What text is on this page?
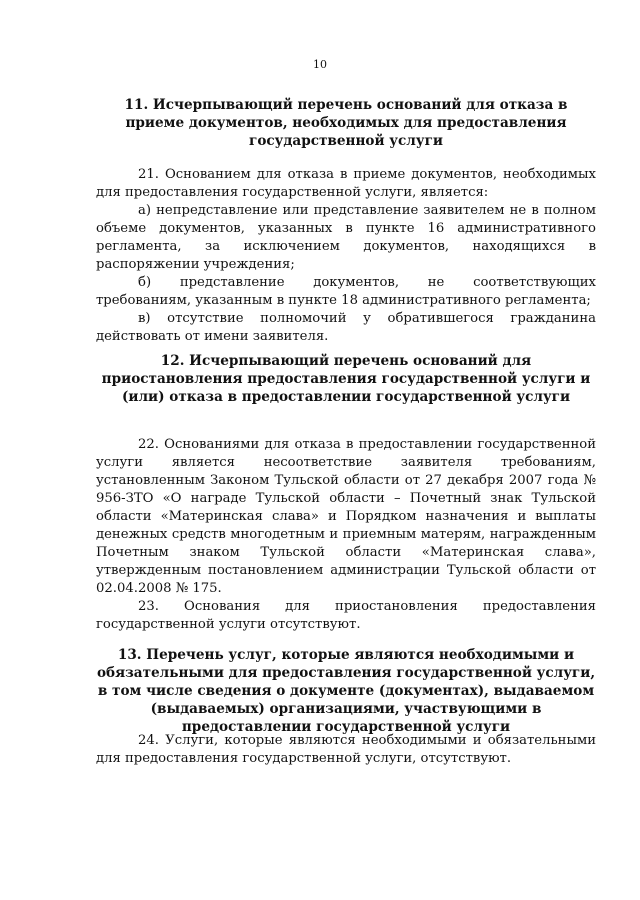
10
11. Исчерпывающий перечень оснований для отказа в приеме документов, необходимых для предоставления государственной услуги

21. Основанием для отказа в приеме документов, необходимых для предоставления государственной услуги, является:

а) непредставление или представление заявителем не в полном объеме документов, указанных в пункте 16 административного регламента, за исключением документов, находящихся в распоряжении учреждения;

б) представление документов, не соответствующих требованиям, указанным в пункте 18 административного регламента;

в) отсутствие полномочий у обратившегося гражданина действовать от имени заявителя.

12. Исчерпывающий перечень оснований для приостановления предоставления государственной услуги и (или) отказа в предоставлении государственной услуги

22. Основаниями для отказа в предоставлении государственной услуги является несоответствие заявителя требованиям, установленным Законом Тульской области от 27 декабря 2007 года № 956-ЗТО «О награде Тульской области – Почетный знак Тульской области «Материнская слава» и Порядком назначения и выплаты денежных средств многодетным и приемным матерям, награжденным Почетным знаком Тульской области «Материнская слава», утвержденным постановлением администрации Тульской области от 02.04.2008 № 175.

23. Основания для приостановления предоставления государственной услуги отсутствуют.

13. Перечень услуг, которые являются необходимыми и обязательными для предоставления государственной услуги, в том числе сведения о документе (документах), выдаваемом (выдаваемых) организациями, участвующими в предоставлении государственной услуги

24. Услуги, которые являются необходимыми и обязательными для предоставления государственной услуги, отсутствуют.
